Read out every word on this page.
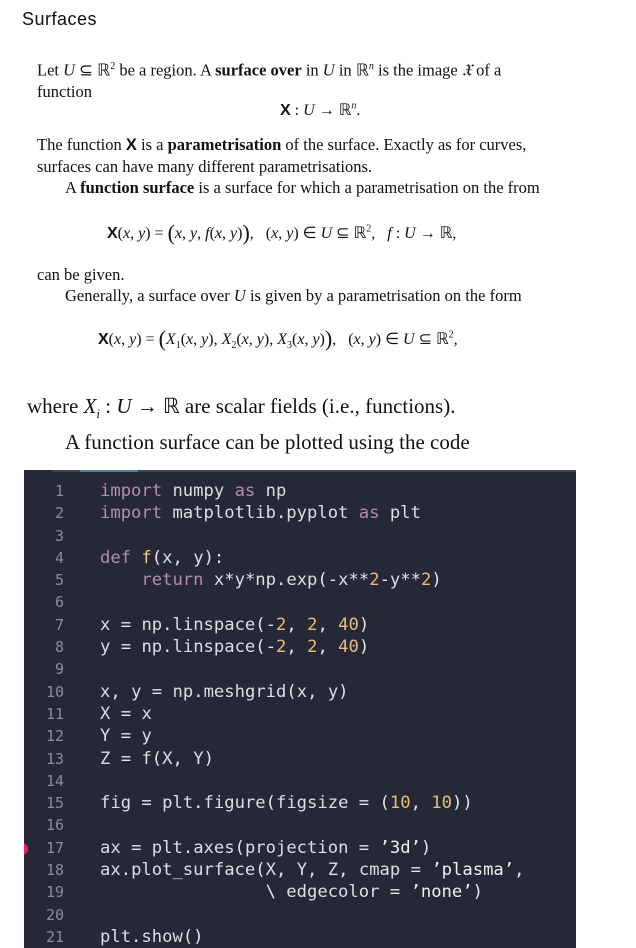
Surfaces
Let U ⊆ ℝ$^2$ be a region. A surface over in U in ℝ$^n$ is the image 𝔛 of a
function
X : U → ℝ$^n$.
The function X is a parametrisation of the surface. Exactly as for curves,
surfaces can have many different parametrisations.
A function surface is a surface for which a parametrisation on the from
X(x, y) = (x, y, f(x, y)),   (x, y) ∈ U ⊆ ℝ$^2$,   f : U → ℝ,
can be given.
Generally, a surface over U is given by a parametrisation on the form
X(x, $y) = (X_1(x$, y), $X_2(x$, y), $X_3(x$, y)),   (x, y) ∈ U ⊆ ℝ$^2$,
where $X_i$ : U → ℝ are scalar fields (i.e., functions).
A function surface can be plotted using the code
1
2
3
4
5
6
7
8
9
10
11
12
13
14
15
16
17
18
19
20
21
import numpy as np
import matplotlib.pyplot as plt

def f(x, y):
return x*y*np.exp(-x**2-y**2)

x = np.linspace(-2, 2, 40)
y = np.linspace(-2, 2, 40)

x, y = np.meshgrid(x, y)
X = x
Y = y
Z = f(X, Y)

fig = plt.figure(figsize = (10, 10))

ax = plt.axes(projection = ’3d’)
ax.plot_surface(X, Y, Z, cmap = ’plasma’,
\ edgecolor = ’none’)

plt.show()
